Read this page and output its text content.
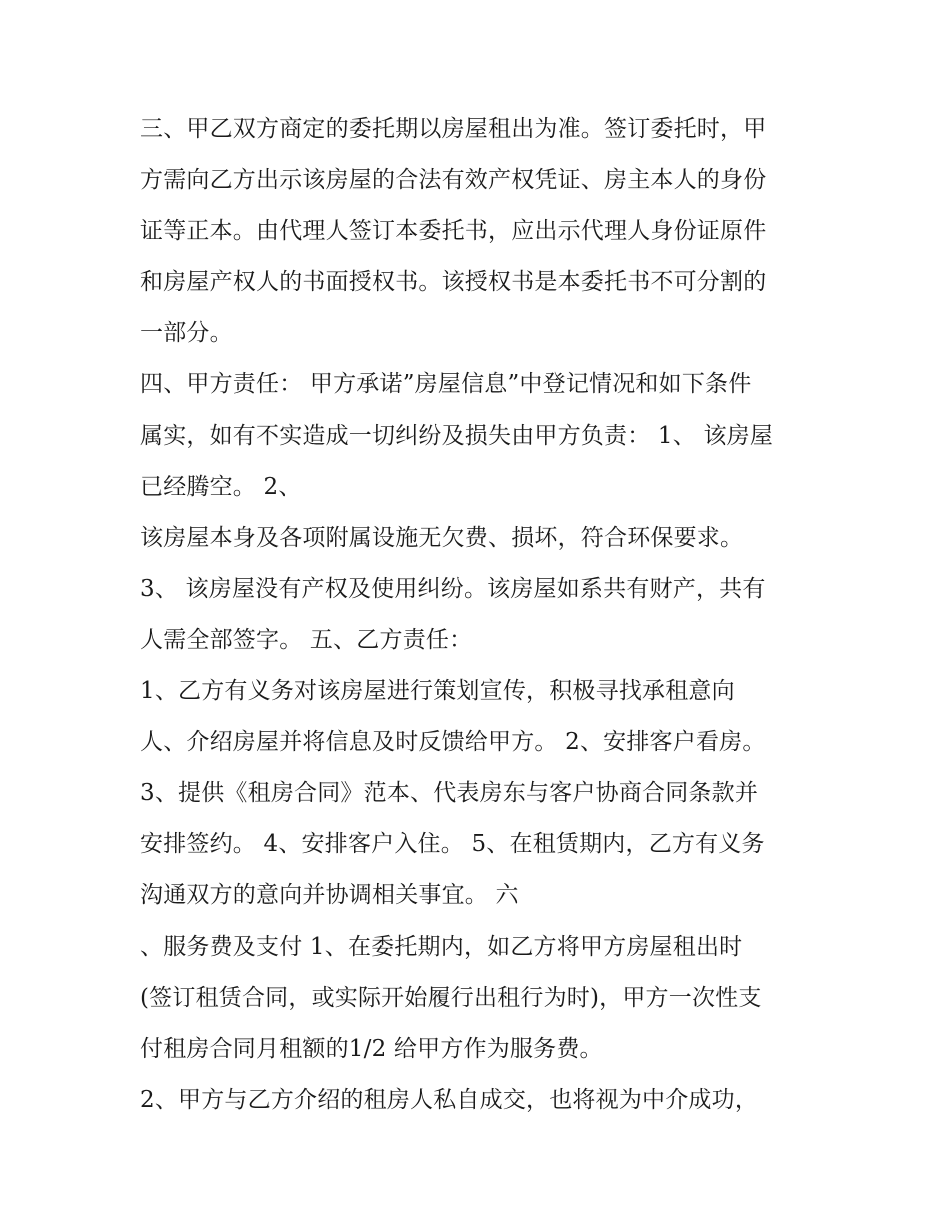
三、甲乙双方商定的委托期以房屋租出为准。签订委托时，甲
方需向乙方出示该房屋的合法有效产权凭证、房主本人的身份
证等正本。由代理人签订本委托书，应出示代理人身份证原件
和房屋产权人的书面授权书。该授权书是本委托书不可分割的
一部分。
四、甲方责任： 甲方承诺”房屋信息”中登记情况和如下条件
属实，如有不实造成一切纠纷及损失由甲方负责： 1、 该房屋
已经腾空。 2、
该房屋本身及各项附属设施无欠费、损坏，符合环保要求。
3、 该房屋没有产权及使用纠纷。该房屋如系共有财产，共有
人需全部签字。 五、乙方责任：
1、乙方有义务对该房屋进行策划宣传，积极寻找承租意向
人、介绍房屋并将信息及时反馈给甲方。 2、安排客户看房。
3、提供《租房合同》范本、代表房东与客户协商合同条款并
安排签约。 4、安排客户入住。 5、在租赁期内，乙方有义务
沟通双方的意向并协调相关事宜。 六
、服务费及支付 1、在委托期内，如乙方将甲方房屋租出时
(签订租赁合同，或实际开始履行出租行为时)，甲方一次性支
付租房合同月租额的1/2 给甲方作为服务费。
2、甲方与乙方介绍的租房人私自成交，也将视为中介成功，
